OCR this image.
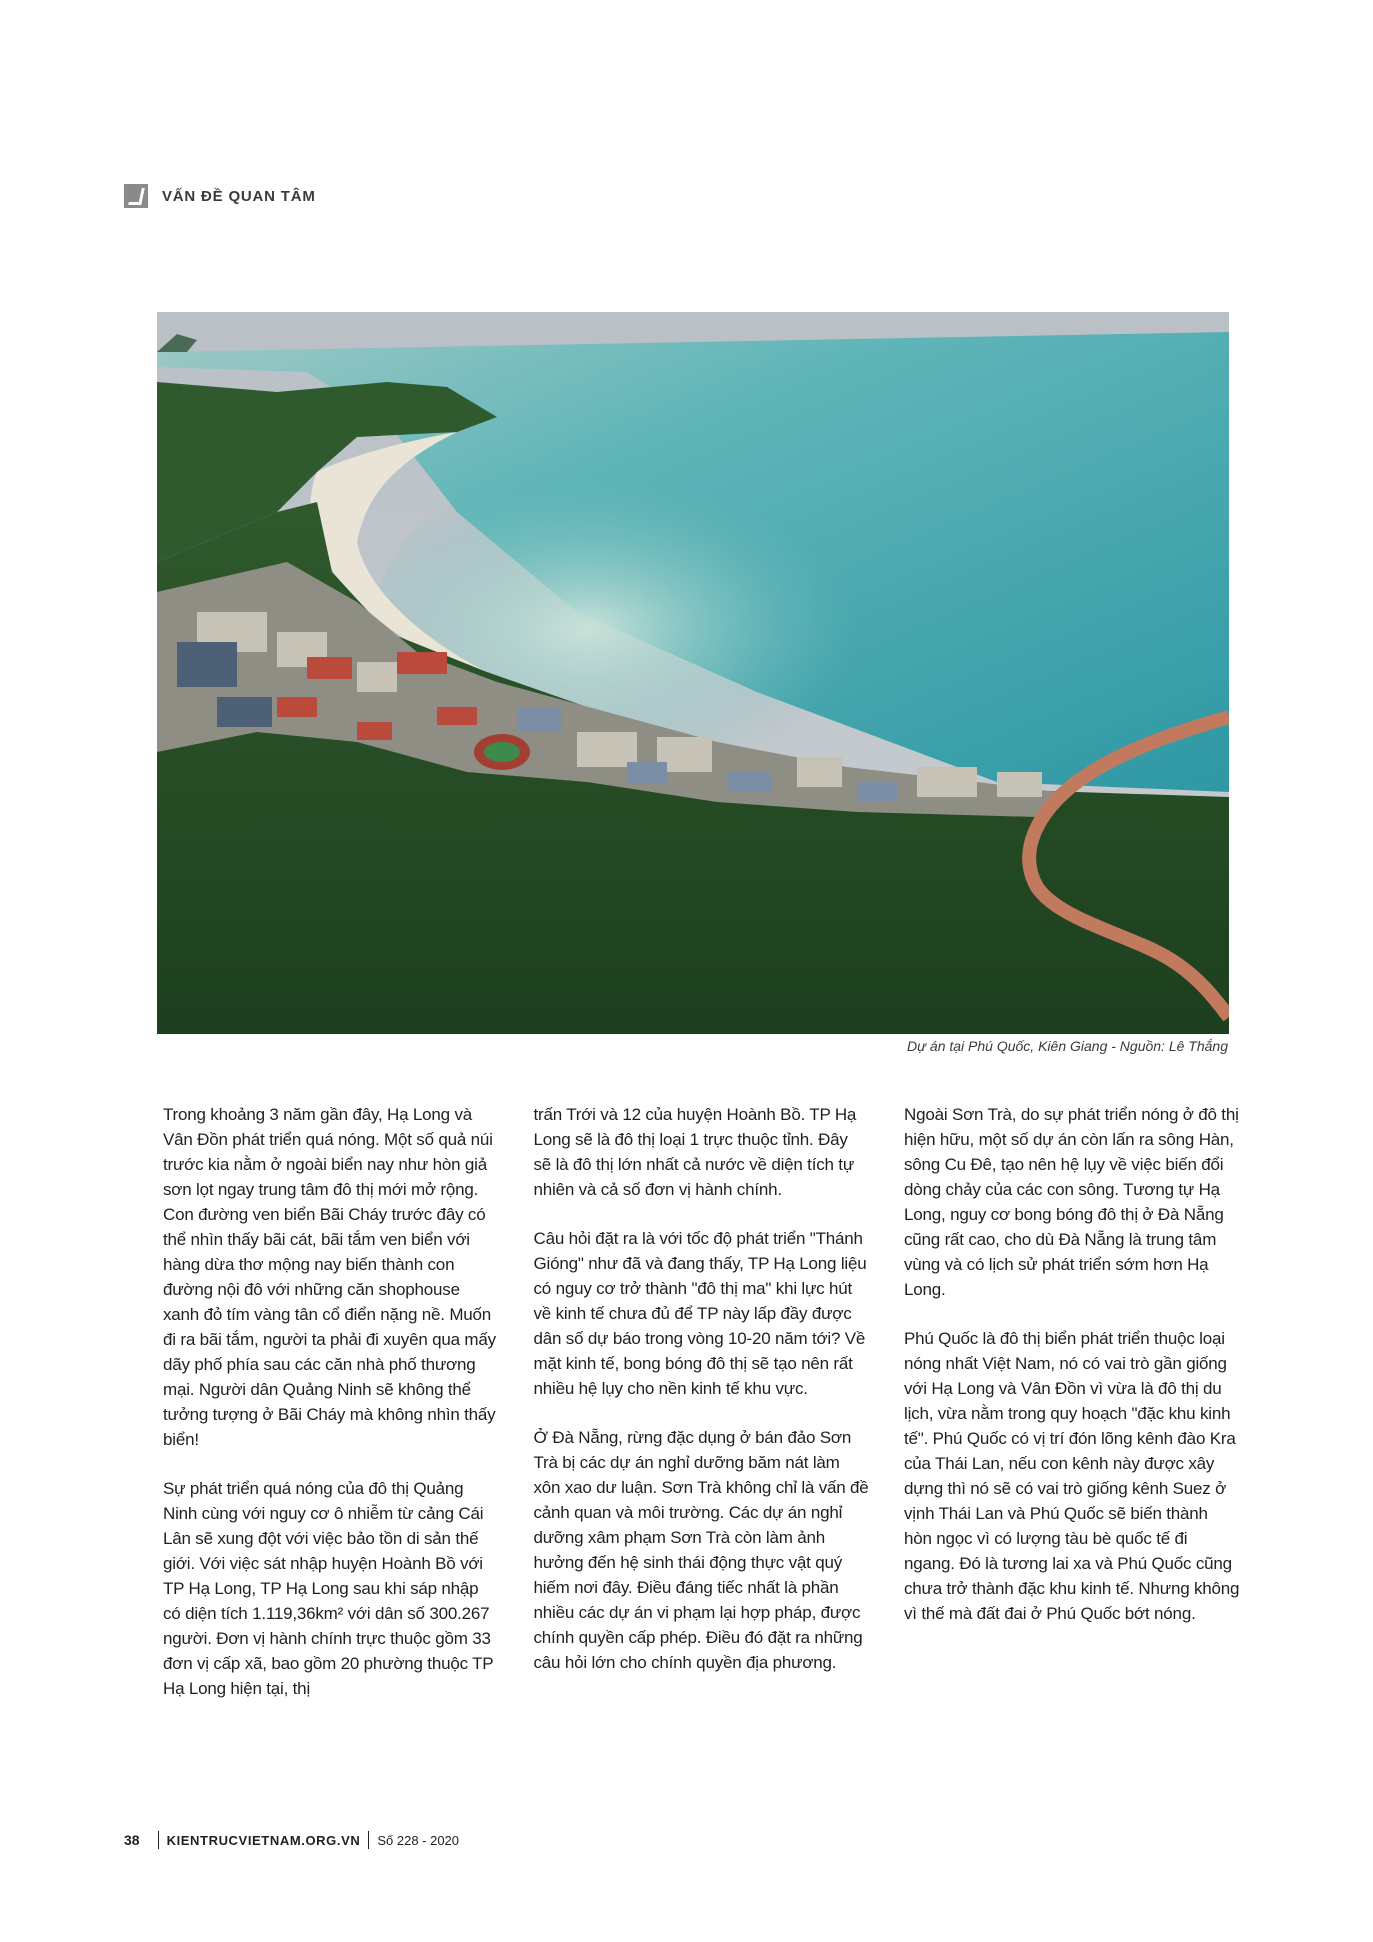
VẤN ĐỀ QUAN TÂM
Dự án tại Phú Quốc, Kiên Giang - Nguồn: Lê Thắng

Trong khoảng 3 năm gần đây, Hạ Long và Vân Đồn phát triển quá nóng. Một số quả núi trước kia nằm ở ngoài biển nay như hòn giả sơn lọt ngay trung tâm đô thị mới mở rộng. Con đường ven biển Bãi Cháy trước đây có thể nhìn thấy bãi cát, bãi tắm ven biển với hàng dừa thơ mộng nay biến thành con đường nội đô với những căn shophouse xanh đỏ tím vàng tân cổ điển nặng nề. Muốn đi ra bãi tắm, người ta phải đi xuyên qua mấy dãy phố phía sau các căn nhà phố thương mại. Người dân Quảng Ninh sẽ không thể tưởng tượng ở Bãi Cháy mà không nhìn thấy biển!

Sự phát triển quá nóng của đô thị Quảng Ninh cùng với nguy cơ ô nhiễm từ cảng Cái Lân sẽ xung đột với việc bảo tồn di sản thế giới. Với việc sát nhập huyện Hoành Bồ với TP Hạ Long, TP Hạ Long sau khi sáp nhập có diện tích 1.119,36km² với dân số 300.267 người. Đơn vị hành chính trực thuộc gồm 33 đơn vị cấp xã, bao gồm 20 phường thuộc TP Hạ Long hiện tại, thị

trấn Trới và 12 của huyện Hoành Bồ. TP Hạ Long sẽ là đô thị loại 1 trực thuộc tỉnh. Đây sẽ là đô thị lớn nhất cả nước về diện tích tự nhiên và cả số đơn vị hành chính.

Câu hỏi đặt ra là với tốc độ phát triển "Thánh Gióng" như đã và đang thấy, TP Hạ Long liệu có nguy cơ trở thành "đô thị ma" khi lực hút về kinh tế chưa đủ để TP này lấp đầy được dân số dự báo trong vòng 10-20 năm tới? Về mặt kinh tế, bong bóng đô thị sẽ tạo nên rất nhiều hệ lụy cho nền kinh tế khu vực.

Ở Đà Nẵng, rừng đặc dụng ở bán đảo Sơn Trà bị các dự án nghỉ dưỡng băm nát làm xôn xao dư luận. Sơn Trà không chỉ là vấn đề cảnh quan và môi trường. Các dự án nghỉ dưỡng xâm phạm Sơn Trà còn làm ảnh hưởng đến hệ sinh thái động thực vật quý hiếm nơi đây. Điều đáng tiếc nhất là phần nhiều các dự án vi phạm lại hợp pháp, được chính quyền cấp phép. Điều đó đặt ra những câu hỏi lớn cho chính quyền địa phương.

Ngoài Sơn Trà, do sự phát triển nóng ở đô thị hiện hữu, một số dự án còn lấn ra sông Hàn, sông Cu Đê, tạo nên hệ lụy về việc biến đổi dòng chảy của các con sông. Tương tự Hạ Long, nguy cơ bong bóng đô thị ở Đà Nẵng cũng rất cao, cho dù Đà Nẵng là trung tâm vùng và có lịch sử phát triển sớm hơn Hạ Long.

Phú Quốc là đô thị biển phát triển thuộc loại nóng nhất Việt Nam, nó có vai trò gần giống với Hạ Long và Vân Đồn vì vừa là đô thị du lịch, vừa nằm trong quy hoạch "đặc khu kinh tế". Phú Quốc có vị trí đón lõng kênh đào Kra của Thái Lan, nếu con kênh này được xây dựng thì nó sẽ có vai trò giống kênh Suez ở vịnh Thái Lan và Phú Quốc sẽ biến thành hòn ngọc vì có lượng tàu bè quốc tế đi ngang. Đó là tương lai xa và Phú Quốc cũng chưa trở thành đặc khu kinh tế. Nhưng không vì thế mà đất đai ở Phú Quốc bớt nóng.

38 KIENTRUCVIETNAM.ORG.VN Số 228 - 2020
